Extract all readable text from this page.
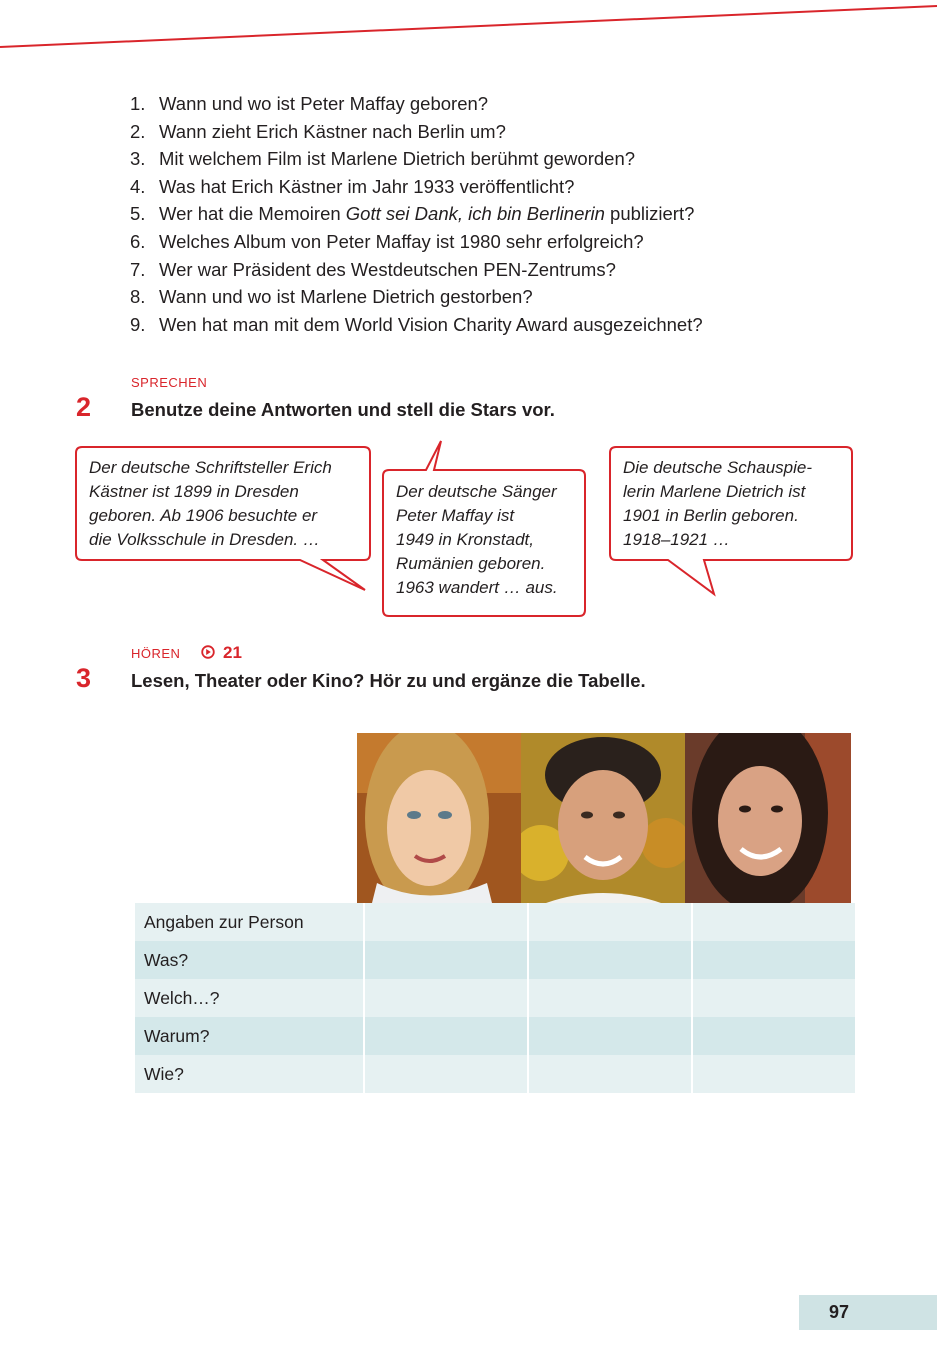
1. Wann und wo ist Peter Maffay geboren?
2. Wann zieht Erich Kästner nach Berlin um?
3. Mit welchem Film ist Marlene Dietrich berühmt geworden?
4. Was hat Erich Kästner im Jahr 1933 veröffentlicht?
5. Wer hat die Memoiren Gott sei Dank, ich bin Berlinerin publiziert?
6. Welches Album von Peter Maffay ist 1980 sehr erfolgreich?
7. Wer war Präsident des Westdeutschen PEN-Zentrums?
8. Wann und wo ist Marlene Dietrich gestorben?
9. Wen hat man mit dem World Vision Charity Award ausgezeichnet?
SPRECHEN
2 Benutze deine Antworten und stell die Stars vor.
Der deutsche Schriftsteller Erich
Kästner ist 1899 in Dresden
geboren. Ab 1906 besuchte er
die Volksschule in Dresden. …
Der deutsche Sänger
Peter Maffay ist
1949 in Kronstadt,
Rumänien geboren.
1963 wandert … aus.
Die deutsche Schauspie-
lerin Marlene Dietrich ist
1901 in Berlin geboren.
1918–1921 …
HÖREN	21
3 Lesen, Theater oder Kino? Hör zu und ergänze die Tabelle.
Angaben zur Person			
Was?			
Welch…?			
Warum?			
Wie?			
97
